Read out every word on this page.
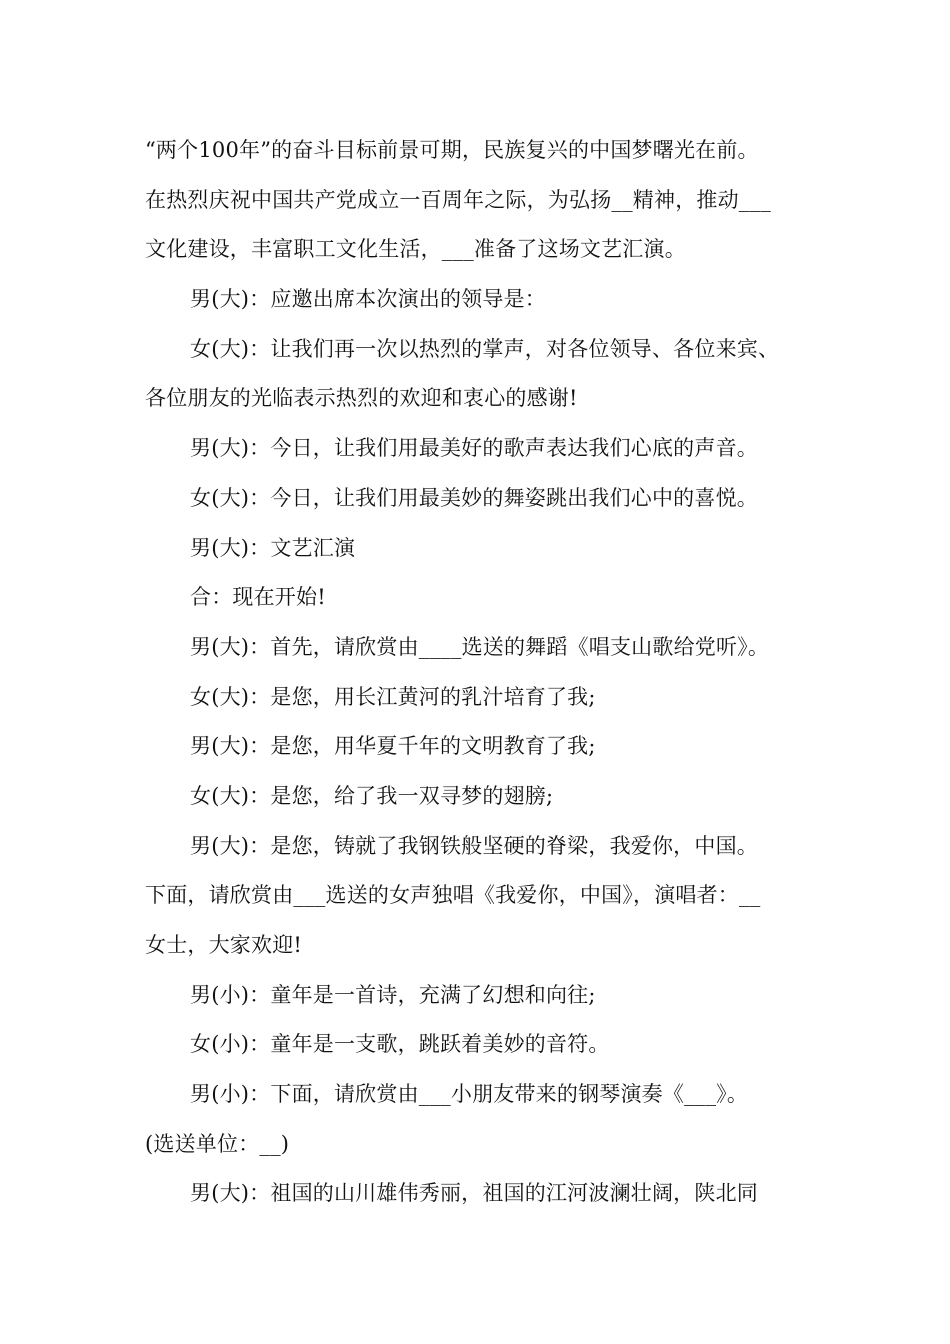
“两个100年”的奋斗目标前景可期，民族复兴的中国梦曙光在前。
在热烈庆祝中国共产党成立一百周年之际，为弘扬__精神，推动___
文化建设，丰富职工文化生活，___准备了这场文艺汇演。
男(大)：应邀出席本次演出的领导是：
女(大)：让我们再一次以热烈的掌声，对各位领导、各位来宾、
各位朋友的光临表示热烈的欢迎和衷心的感谢!
男(大)：今日，让我们用最美好的歌声表达我们心底的声音。
女(大)：今日，让我们用最美妙的舞姿跳出我们心中的喜悦。
男(大)：文艺汇演
合：现在开始!
男(大)：首先，请欣赏由____选送的舞蹈《唱支山歌给党听》。
女(大)：是您，用长江黄河的乳汁培育了我;
男(大)：是您，用华夏千年的文明教育了我;
女(大)：是您，给了我一双寻梦的翅膀;
男(大)：是您，铸就了我钢铁般坚硬的脊梁，我爱你，中国。
下面，请欣赏由___选送的女声独唱《我爱你，中国》，演唱者：__
女士，大家欢迎!
男(小)：童年是一首诗，充满了幻想和向往;
女(小)：童年是一支歌，跳跃着美妙的音符。
男(小)：下面，请欣赏由___小朋友带来的钢琴演奏《___》。
(选送单位：__)
男(大)：祖国的山川雄伟秀丽，祖国的江河波澜壮阔，陕北同
